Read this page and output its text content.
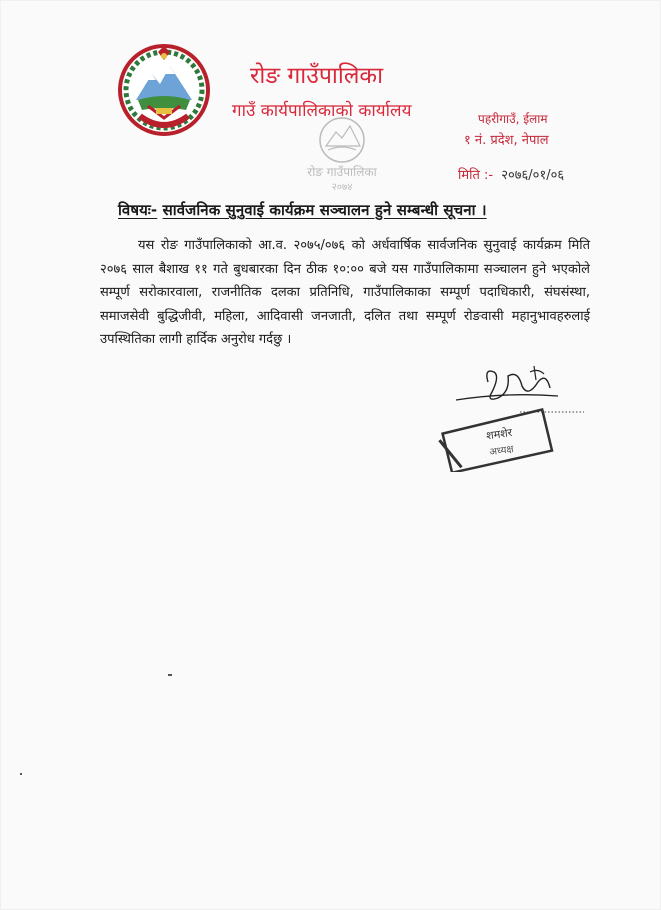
रोङ गाउँपालिका
गाउँ कार्यपालिकाको कार्यालय	पहरीगाउँ, ईलाम
१ नं. प्रदेश, नेपाल
रोङ गाउँपालिका
२०७४
मिति :- २०७६/०१/०६
विषयः- सार्वजनिक सुनुवाई कार्यक्रम सञ्चालन हुने सम्बन्धी सूचना ।

यस रोङ गाउँपालिकाको आ.व. २०७५/०७६ को अर्धवार्षिक सार्वजनिक सुनुवाई कार्यक्रम मिति २०७६ साल बैशाख ११ गते बुधबारका दिन ठीक १०:०० बजे यस गाउँपालिकामा सञ्चालन हुने भएकोले सम्पूर्ण सरोकारवाला, राजनीतिक दलका प्रतिनिधि, गाउँपालिकाका सम्पूर्ण पदाधिकारी, संघसंस्था, समाजसेवी बुद्धिजीवी, महिला, आदिवासी जनजाती, दलित तथा सम्पूर्ण रोङवासी महानुभावहरुलाई उपस्थितिका लागी हार्दिक अनुरोध गर्दछु ।

शमशेर
अध्यक्ष
